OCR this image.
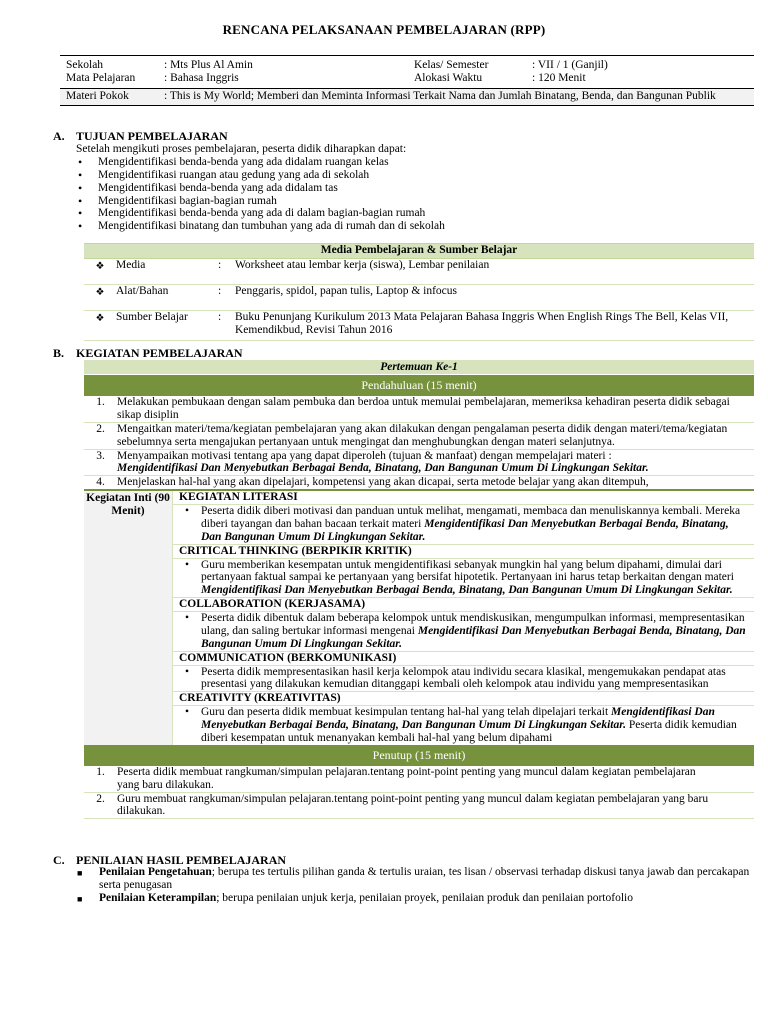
RENCANA PELAKSANAAN PEMBELAJARAN (RPP)
Sekolah	: Mts Plus Al Amin	Kelas/ Semester	: VII / 1 (Ganjil)
Mata Pelajaran	: Bahasa Inggris	Alokasi Waktu	: 120 Menit
Materi Pokok	: This is My World; Memberi dan Meminta Informasi Terkait Nama dan Jumlah Binatang, Benda, dan Bangunan Publik
A. TUJUAN PEMBELAJARAN
Setelah mengikuti proses pembelajaran, peserta didik diharapkan dapat:
• Mengidentifikasi benda-benda yang ada didalam ruangan kelas
• Mengidentifikasi ruangan atau gedung yang ada di sekolah
• Mengidentifikasi benda-benda yang ada didalam tas
• Mengidentifikasi bagian-bagian rumah
• Mengidentifikasi benda-benda yang ada di dalam bagian-bagian rumah
• Mengidentifikasi binatang dan tumbuhan yang ada di rumah dan di sekolah
Media Pembelajaran & Sumber Belajar			
❖	Media	:	Worksheet atau lembar kerja (siswa), Lembar penilaian
❖	Alat/Bahan	:	Penggaris, spidol, papan tulis, Laptop & infocus
❖	Sumber Belajar	:	Buku Penunjang Kurikulum 2013 Mata Pelajaran Bahasa Inggris When English Rings The Bell, Kelas VII, Kemendikbud, Revisi Tahun 2016
B. KEGIATAN PEMBELAJARAN
Pertemuan Ke-1
Pendahuluan (15 menit)
1.	Melakukan pembukaan dengan salam pembuka dan berdoa untuk memulai pembelajaran, memeriksa kehadiran peserta didik sebagai sikap disiplin
2.	Mengaitkan materi/tema/kegiatan pembelajaran yang akan dilakukan dengan pengalaman peserta didik dengan materi/tema/kegiatan sebelumnya serta mengajukan pertanyaan untuk mengingat dan menghubungkan dengan materi selanjutnya.
3.	Menyampaikan motivasi tentang apa yang dapat diperoleh (tujuan & manfaat) dengan mempelajari materi :
Mengidentifikasi Dan Menyebutkan Berbagai Benda, Binatang, Dan Bangunan Umum Di Lingkungan Sekitar.
4.	Menjelaskan hal-hal yang akan dipelajari, kompetensi yang akan dicapai, serta metode belajar yang akan ditempuh,
Kegiatan Inti (90 Menit)
KEGIATAN LITERASI
•	Peserta didik diberi motivasi dan panduan untuk melihat, mengamati, membaca dan menuliskannya kembali. Mereka diberi tayangan dan bahan bacaan terkait materi Mengidentifikasi Dan Menyebutkan Berbagai Benda, Binatang, Dan Bangunan Umum Di Lingkungan Sekitar.
CRITICAL THINKING (BERPIKIR KRITIK)
•	Guru memberikan kesempatan untuk mengidentifikasi sebanyak mungkin hal yang belum dipahami, dimulai dari pertanyaan faktual sampai ke pertanyaan yang bersifat hipotetik. Pertanyaan ini harus tetap berkaitan dengan materi Mengidentifikasi Dan Menyebutkan Berbagai Benda, Binatang, Dan Bangunan Umum Di Lingkungan Sekitar.
COLLABORATION (KERJASAMA)
•	Peserta didik dibentuk dalam beberapa kelompok untuk mendiskusikan, mengumpulkan informasi, mempresentasikan ulang, dan saling bertukar informasi mengenai Mengidentifikasi Dan Menyebutkan Berbagai Benda, Binatang, Dan Bangunan Umum Di Lingkungan Sekitar.
COMMUNICATION (BERKOMUNIKASI)
•	Peserta didik mempresentasikan hasil kerja kelompok atau individu secara klasikal, mengemukakan pendapat atas presentasi yang dilakukan kemudian ditanggapi kembali oleh kelompok atau individu yang mempresentasikan
CREATIVITY (KREATIVITAS)
•	Guru dan peserta didik membuat kesimpulan tentang hal-hal yang telah dipelajari terkait Mengidentifikasi Dan Menyebutkan Berbagai Benda, Binatang, Dan Bangunan Umum Di Lingkungan Sekitar. Peserta didik kemudian diberi kesempatan untuk menanyakan kembali hal-hal yang belum dipahami
Penutup (15 menit)
1.	Peserta didik membuat rangkuman/simpulan pelajaran.tentang point-point penting yang muncul dalam kegiatan pembelajaran yang baru dilakukan.
2.	Guru membuat rangkuman/simpulan pelajaran.tentang point-point penting yang muncul dalam kegiatan pembelajaran yang baru dilakukan.
C. PENILAIAN HASIL PEMBELAJARAN
■	Penilaian Pengetahuan; berupa tes tertulis pilihan ganda & tertulis uraian, tes lisan / observasi terhadap diskusi tanya jawab dan percakapan serta penugasan
■	Penilaian Keterampilan; berupa penilaian unjuk kerja, penilaian proyek, penilaian produk dan penilaian portofolio
